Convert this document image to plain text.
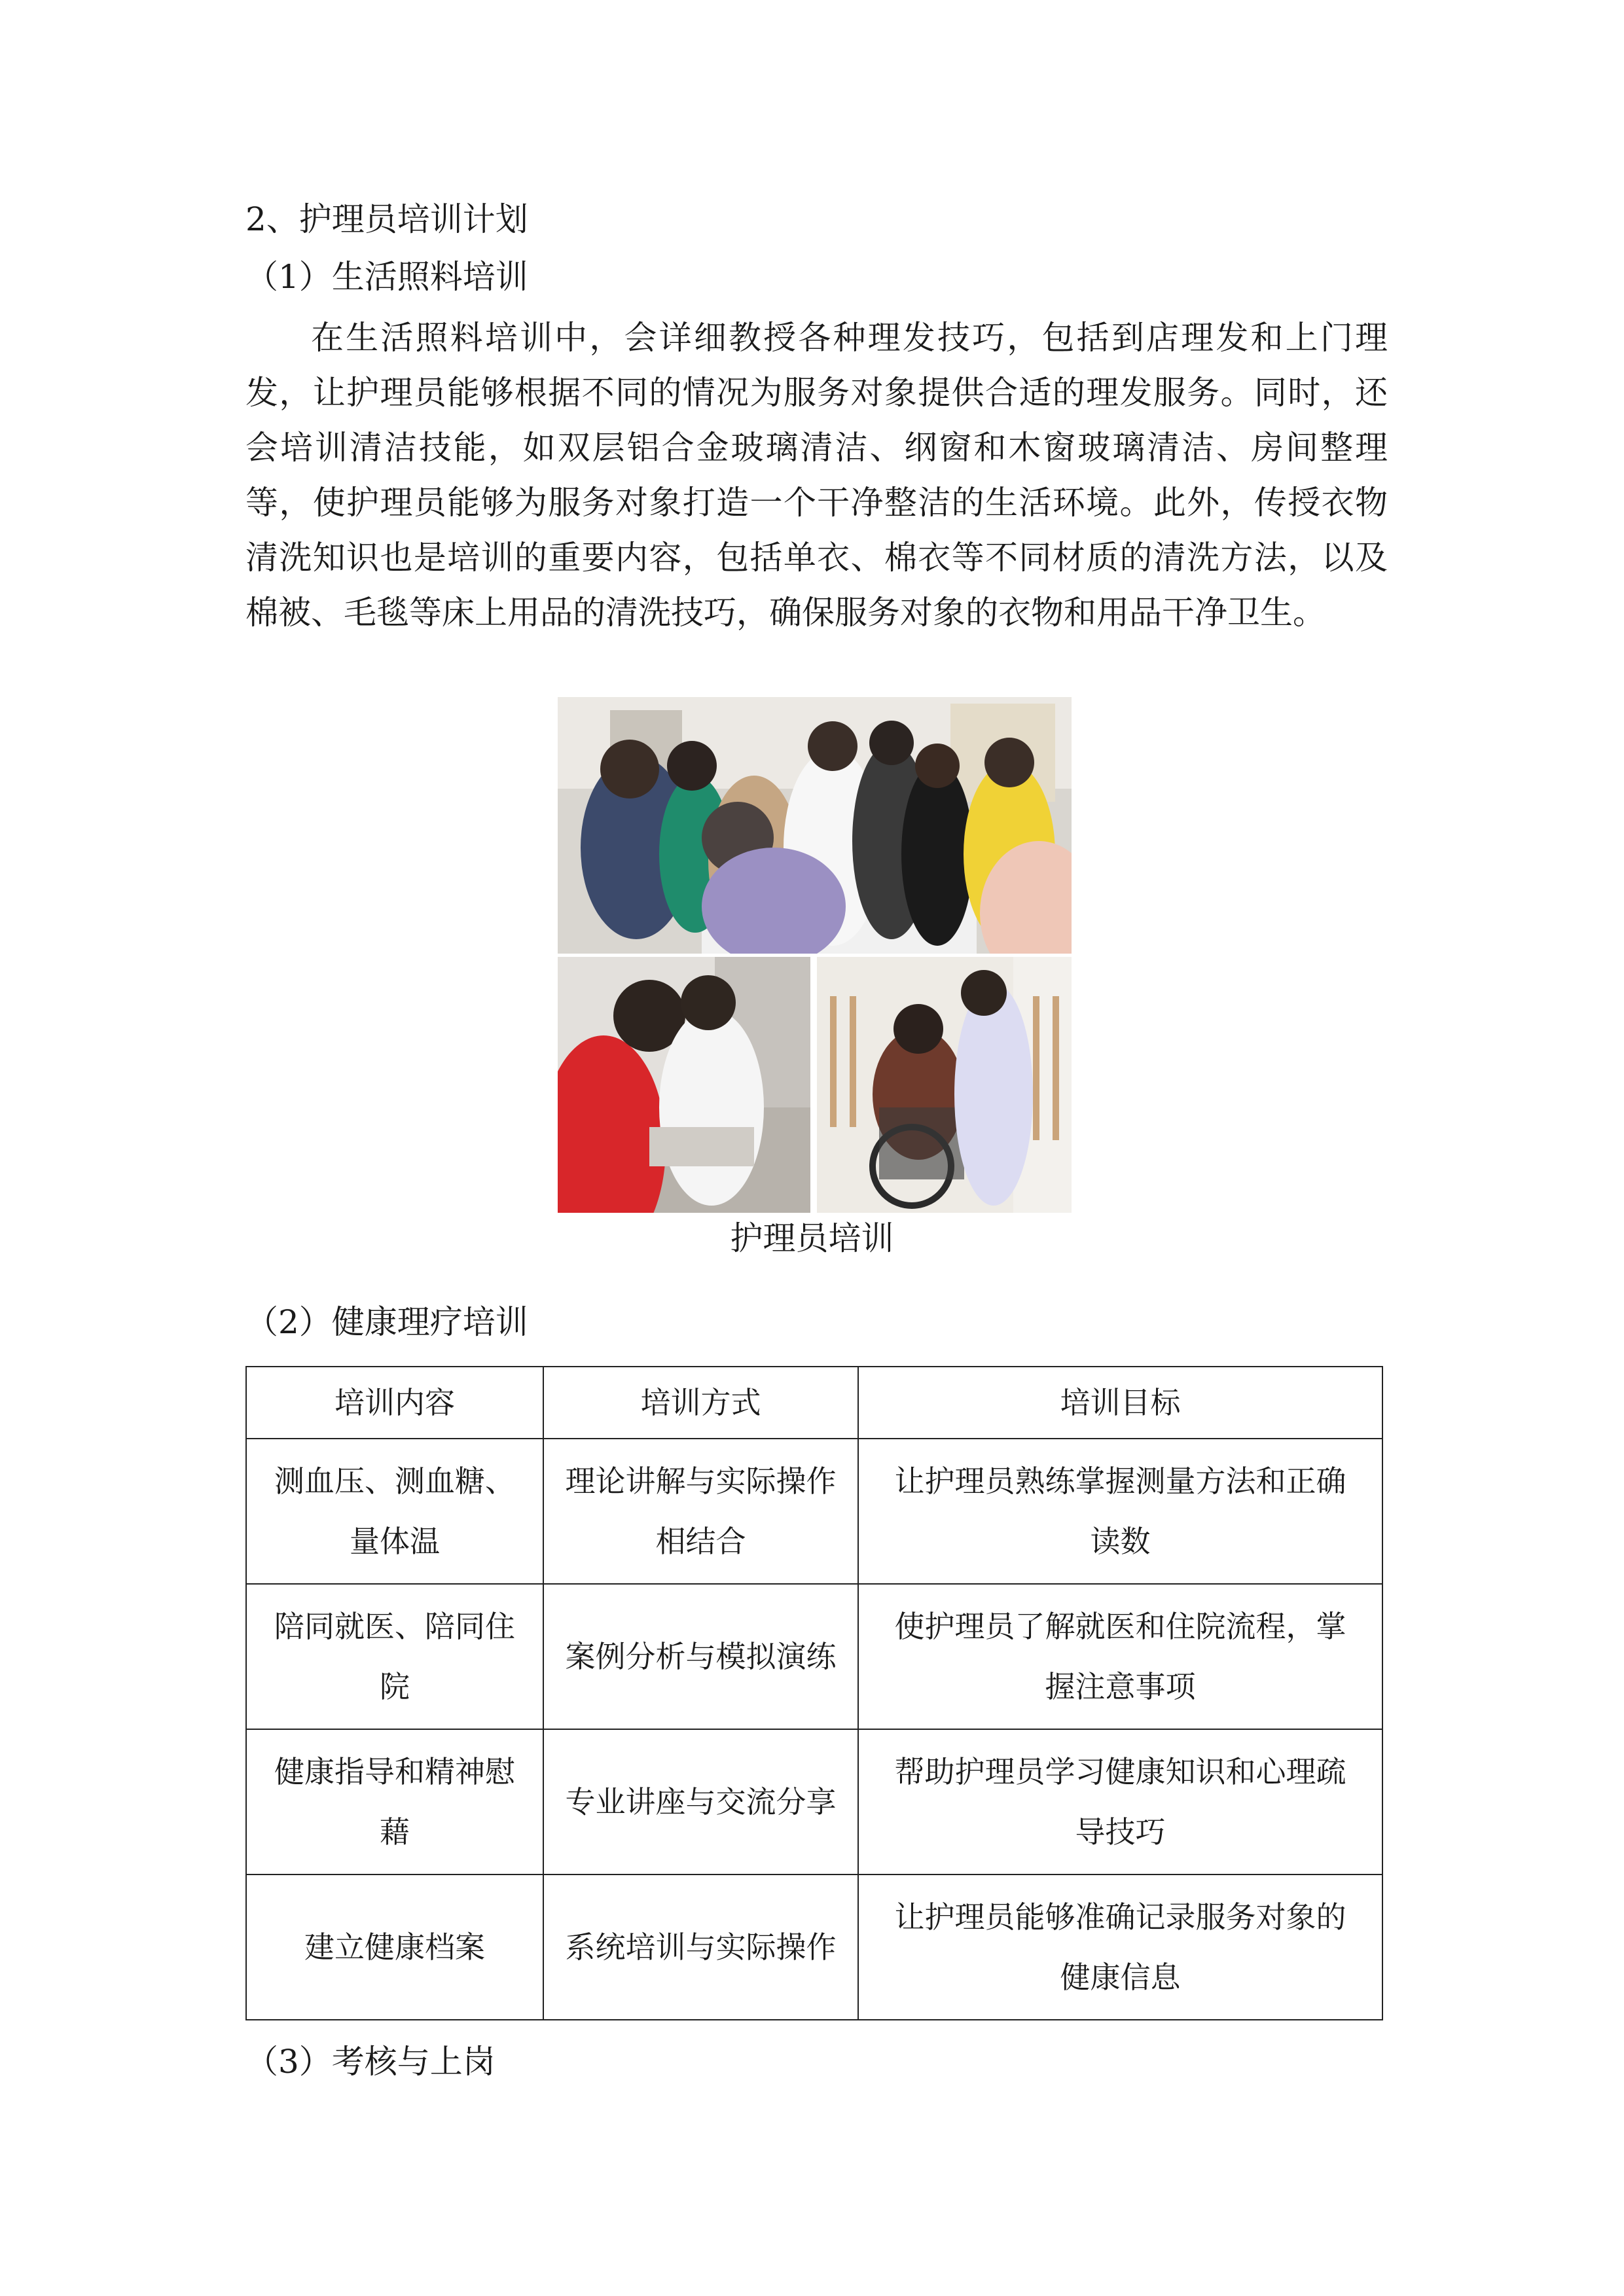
2、护理员培训计划
（1）生活照料培训
在生活照料培训中，会详细教授各种理发技巧，包括到店理发和上门理
发，让护理员能够根据不同的情况为服务对象提供合适的理发服务。同时，还
会培训清洁技能，如双层铝合金玻璃清洁、纲窗和木窗玻璃清洁、房间整理
等，使护理员能够为服务对象打造一个干净整洁的生活环境。此外，传授衣物
清洗知识也是培训的重要内容，包括单衣、棉衣等不同材质的清洗方法，以及
棉被、毛毯等床上用品的清洗技巧，确保服务对象的衣物和用品干净卫生。
护理员培训
（2）健康理疗培训
培训内容	培训方式	培训目标
测血压、测血糖、
量体温	理论讲解与实际操作相结合	让护理员熟练掌握测量方法和正确
读数
陪同就医、陪同住
院	案例分析与模拟演练	使护理员了解就医和住院流程，掌
握注意事项
健康指导和精神慰
藉	专业讲座与交流分享	帮助护理员学习健康知识和心理疏
导技巧
建立健康档案	系统培训与实际操作	让护理员能够准确记录服务对象的
健康信息
（3）考核与上岗
